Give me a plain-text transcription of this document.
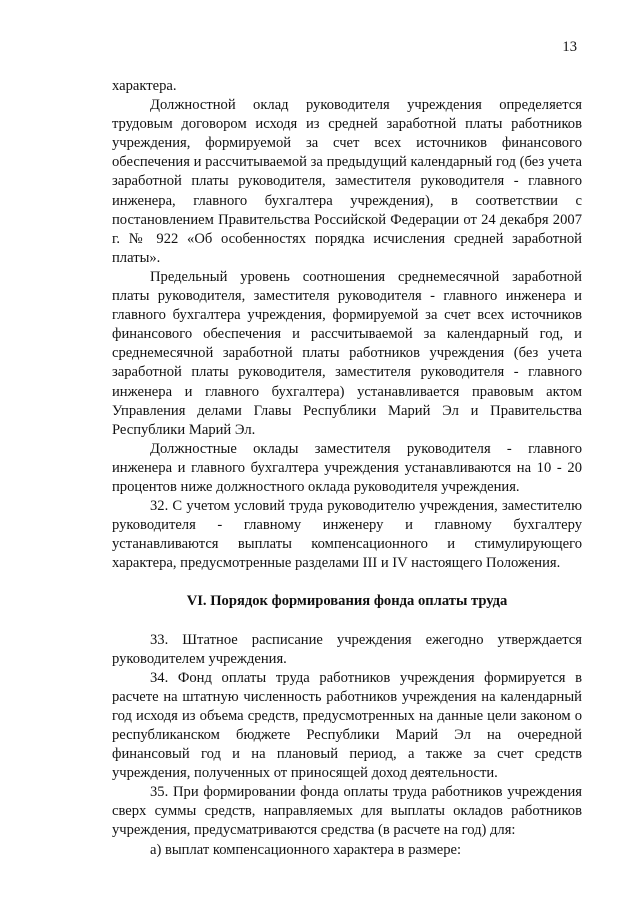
13

характера.

Должностной оклад руководителя учреждения определяется трудовым договором исходя из средней заработной платы работников учреждения, формируемой за счет всех источников финансового обеспечения и рассчитываемой за предыдущий календарный год (без учета заработной платы руководителя, заместителя руководителя - главного инженера, главного бухгалтера учреждения), в соответствии с постановлением Правительства Российской Федерации от 24 декабря 2007 г. № 922 «Об особенностях порядка исчисления средней заработной платы».

Предельный уровень соотношения среднемесячной заработной платы руководителя, заместителя руководителя - главного инженера и главного бухгалтера учреждения, формируемой за счет всех источников финансового обеспечения и рассчитываемой за календарный год, и среднемесячной заработной платы работников учреждения (без учета заработной платы руководителя, заместителя руководителя - главного инженера и главного бухгалтера) устанавливается правовым актом Управления делами Главы Республики Марий Эл и Правительства Республики Марий Эл.

Должностные оклады заместителя руководителя - главного инженера и главного бухгалтера учреждения устанавливаются на 10 - 20 процентов ниже должностного оклада руководителя учреждения.

32. С учетом условий труда руководителю учреждения, заместителю руководителя - главному инженеру и главному бухгалтеру устанавливаются выплаты компенсационного и стимулирующего характера, предусмотренные разделами III и IV настоящего Положения.

VI. Порядок формирования фонда оплаты труда

33. Штатное расписание учреждения ежегодно утверждается руководителем учреждения.

34. Фонд оплаты труда работников учреждения формируется в расчете на штатную численность работников учреждения на календарный год исходя из объема средств, предусмотренных на данные цели законом о республиканском бюджете Республики Марий Эл на очередной финансовый год и на плановый период, а также за счет средств учреждения, полученных от приносящей доход деятельности.

35. При формировании фонда оплаты труда работников учреждения сверх суммы средств, направляемых для выплаты окладов работников учреждения, предусматриваются средства (в расчете на год) для:

а) выплат компенсационного характера в размере:
